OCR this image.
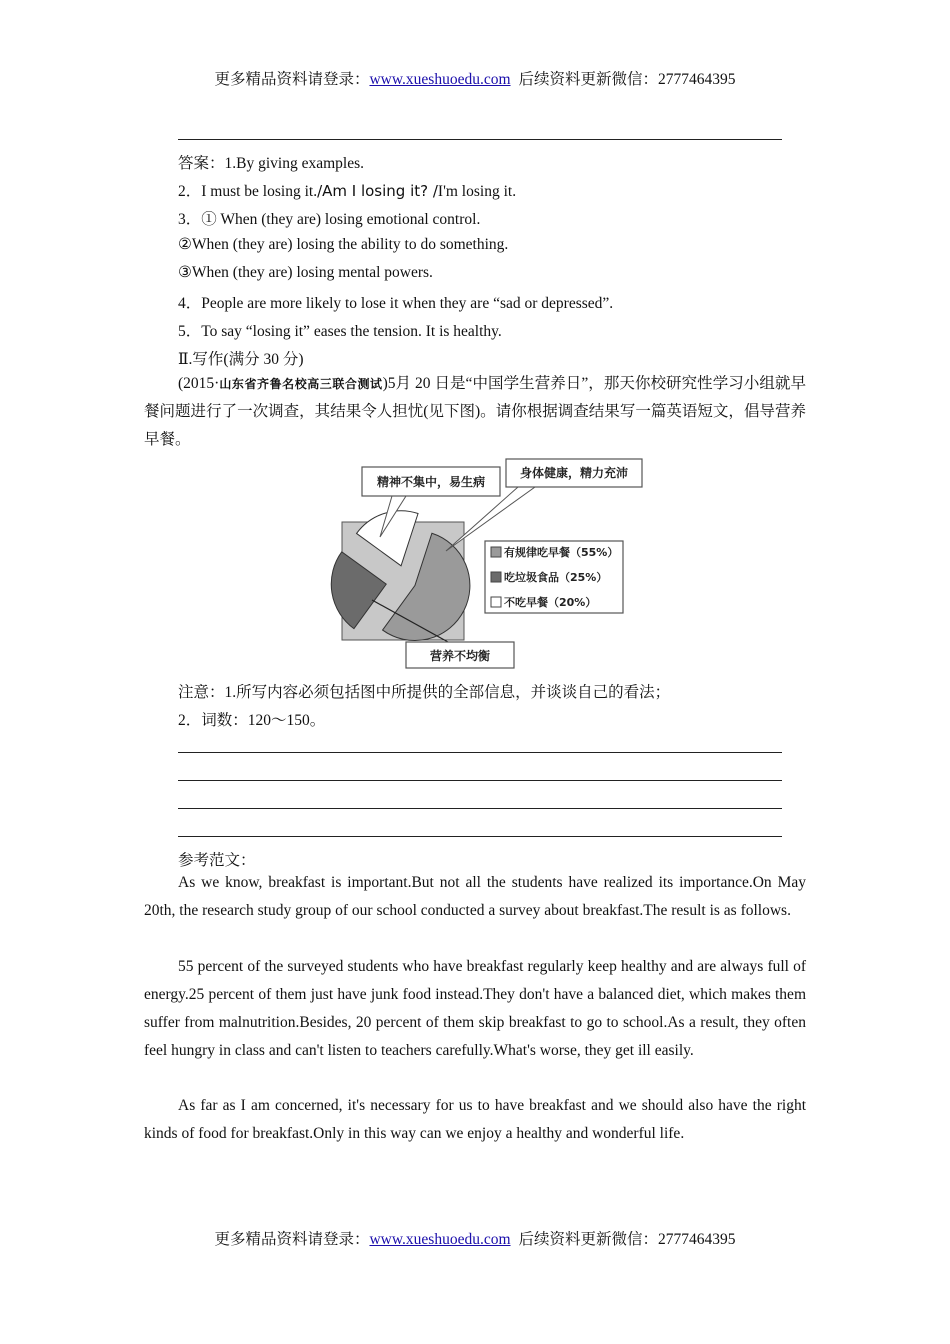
更多精品资料请登录：www.xueshuoedu.com 后续资料更新微信：2777464395
答案：1.By giving examples.
2．I must be losing it./Am I losing it? /I'm losing it.
3．① When (they are) losing emotional control.
②When (they are) losing the ability to do something.
③When (they are) losing mental powers.
4．People are more likely to lose it when they are “sad or depressed”.
5．To say “losing it” eases the tension. It is healthy.
Ⅱ.写作(满分 30 分)
(2015·山东省齐鲁名校高三联合测试)5月 20 日是“中国学生营养日”，那天你校研究性学习小组就早餐问题进行了一次调查，其结果令人担忧(见下图)。请你根据调查结果写一篇英语短文，倡导营养早餐。
身体健康，精力充沛
精神不集中，易生病
营养不均衡
有规律吃早餐（55%）
吃垃圾食品（25%）
不吃早餐（20%）
注意：1.所写内容必须包括图中所提供的全部信息，并谈谈自己的看法；
2．词数：120～150。
参考范文：
As we know, breakfast is important.But not all the students have realized its importance.On May 20th, the research study group of our school conducted a survey about breakfast.The result is as follows.
55 percent of the surveyed students who have breakfast regularly keep healthy and are always full of energy.25 percent of them just have junk food instead.They don't have a balanced diet, which makes them suffer from malnutrition.Besides, 20 percent of them skip breakfast to go to school.As a result, they often feel hungry in class and can't listen to teachers carefully.What's worse, they get ill easily.
As far as I am concerned, it's necessary for us to have breakfast and we should also have the right kinds of food for breakfast.Only in this way can we enjoy a healthy and wonderful life.
更多精品资料请登录：www.xueshuoedu.com 后续资料更新微信：2777464395
